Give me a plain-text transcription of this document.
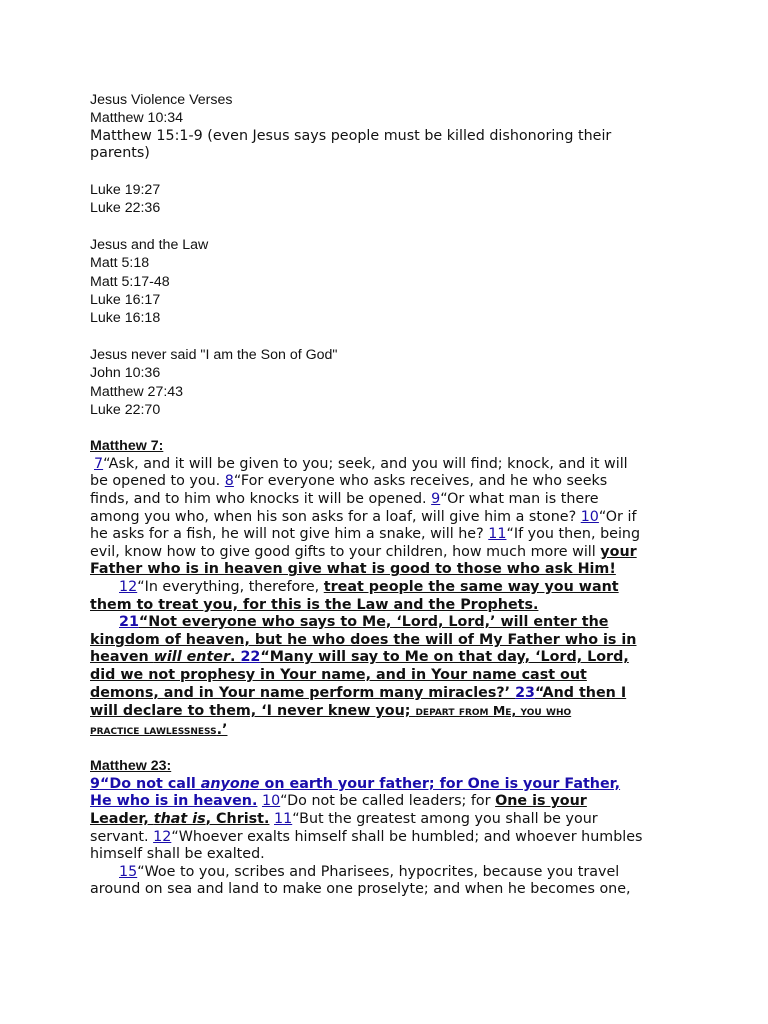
Jesus Violence Verses
Matthew 10:34
Matthew 15:1-9 (even Jesus says people must be killed dishonoring their
parents)
Luke 19:27
Luke 22:36
Jesus and the Law
Matt 5:18
Matt 5:17-48
Luke 16:17
Luke 16:18
Jesus never said "I am the Son of God"
John 10:36
Matthew 27:43
Luke 22:70
Matthew 7:
7“Ask, and it will be given to you; seek, and you will find; knock, and it will
be opened to you. 8“For everyone who asks receives, and he who seeks
finds, and to him who knocks it will be opened. 9“Or what man is there
among you who, when his son asks for a loaf, will give him a stone? 10“Or if
he asks for a fish, he will not give him a snake, will he? 11“If you then, being
evil, know how to give good gifts to your children, how much more will your
Father who is in heaven give what is good to those who ask Him!
12“In everything, therefore, treat people the same way you want
them to treat you, for this is the Law and the Prophets.
21“Not everyone who says to Me, ‘Lord, Lord,’ will enter the
kingdom of heaven, but he who does the will of My Father who is in
heaven will enter. 22“Many will say to Me on that day, ‘Lord, Lord,
did we not prophesy in Your name, and in Your name cast out
demons, and in Your name perform many miracles?’ 23“And then I
will declare to them, ‘I never knew you; depart from Me, you who
practice lawlessness.’
Matthew 23:
9“Do not call anyone on earth your father; for One is your Father,
He who is in heaven. 10“Do not be called leaders; for One is your
Leader, that is, Christ. 11“But the greatest among you shall be your
servant. 12“Whoever exalts himself shall be humbled; and whoever humbles
himself shall be exalted.
15“Woe to you, scribes and Pharisees, hypocrites, because you travel
around on sea and land to make one proselyte; and when he becomes one,
